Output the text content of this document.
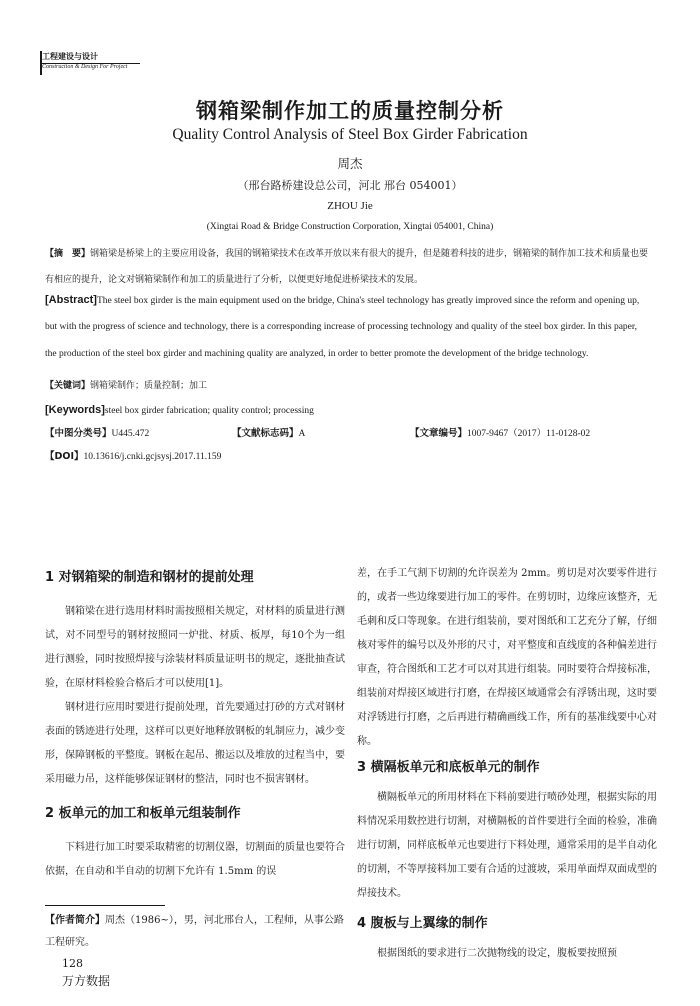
工程建设与设计
Construction & Design For Project
钢箱梁制作加工的质量控制分析
Quality Control Analysis of Steel Box Girder Fabrication
周杰
（邢台路桥建设总公司，河北 邢台 054001）
ZHOU Jie
(Xingtai Road & Bridge Construction Corporation, Xingtai 054001, China)
【摘　要】钢箱梁是桥梁上的主要应用设备，我国的钢箱梁技术在改革开放以来有很大的提升，但是随着科技的进步，钢箱梁的制作加工技术和质量也要有相应的提升，论文对钢箱梁制作和加工的质量进行了分析，以便更好地促进桥梁技术的发展。
[Abstract]The steel box girder is the main equipment used on the bridge, China's steel technology has greatly improved since the reform and opening up, but with the progress of science and technology, there is a corresponding increase of processing technology and quality of the steel box girder. In this paper, the production of the steel box girder and machining quality are analyzed, in order to better promote the development of the bridge technology.
【关键词】钢箱梁制作；质量控制；加工
[Keywords]steel box girder fabrication; quality control; processing
【中图分类号】U445.472	【文献标志码】A	【文章编号】1007-9467（2017）11-0128-02
【DOI】10.13616/j.cnki.gcjsysj.2017.11.159
1 对钢箱梁的制造和钢材的提前处理

钢箱梁在进行选用材料时需按照相关规定，对材料的质量进行测试，对不同型号的钢材按照同一炉批、材质、板厚，每10个为一组进行测验，同时按照焊接与涂装材料质量证明书的规定，逐批抽查试验，在原材料检验合格后才可以使用[1]。

钢材进行应用时要进行提前处理，首先要通过打砂的方式对钢材表面的锈迹进行处理，这样可以更好地释放钢板的轧制应力，减少变形，保障钢板的平整度。钢板在起吊、搬运以及堆放的过程当中，要采用磁力吊，这样能够保证钢材的整洁，同时也不损害钢材。

2 板单元的加工和板单元组装制作

下料进行加工时要采取精密的切割仪器，切割面的质量也要符合依据，在自动和半自动的切割下允许有 1.5mm 的误

差，在手工气割下切割的允许误差为 2mm。剪切是对次要零件进行的，或者一些边缘要进行加工的零件。在剪切时，边缘应该整齐，无毛刺和反口等现象。在进行组装前，要对图纸和工艺充分了解，仔细核对零件的编号以及外形的尺寸，对平整度和直线度的各种偏差进行审查，符合图纸和工艺才可以对其进行组装。同时要符合焊接标准，组装前对焊接区域进行打磨，在焊接区域通常会有浮锈出现，这时要对浮锈进行打磨，之后再进行精确画线工作，所有的基准线要中心对称。

3 横隔板单元和底板单元的制作

横隔板单元的所用材料在下料前要进行喷砂处理，根据实际的用料情况采用数控进行切割，对横隔板的首件要进行全面的检验，准确进行切割，同样底板单元也要进行下料处理，通常采用的是半自动化的切割，不等厚接料加工要有合适的过渡坡，采用单面焊双面成型的焊接技术。

4 腹板与上翼缘的制作

根据图纸的要求进行二次抛物线的设定，腹板要按照预

【作者简介】周杰（1986~），男，河北邢台人，工程师，从事公路工程研究。
128
万方数据
